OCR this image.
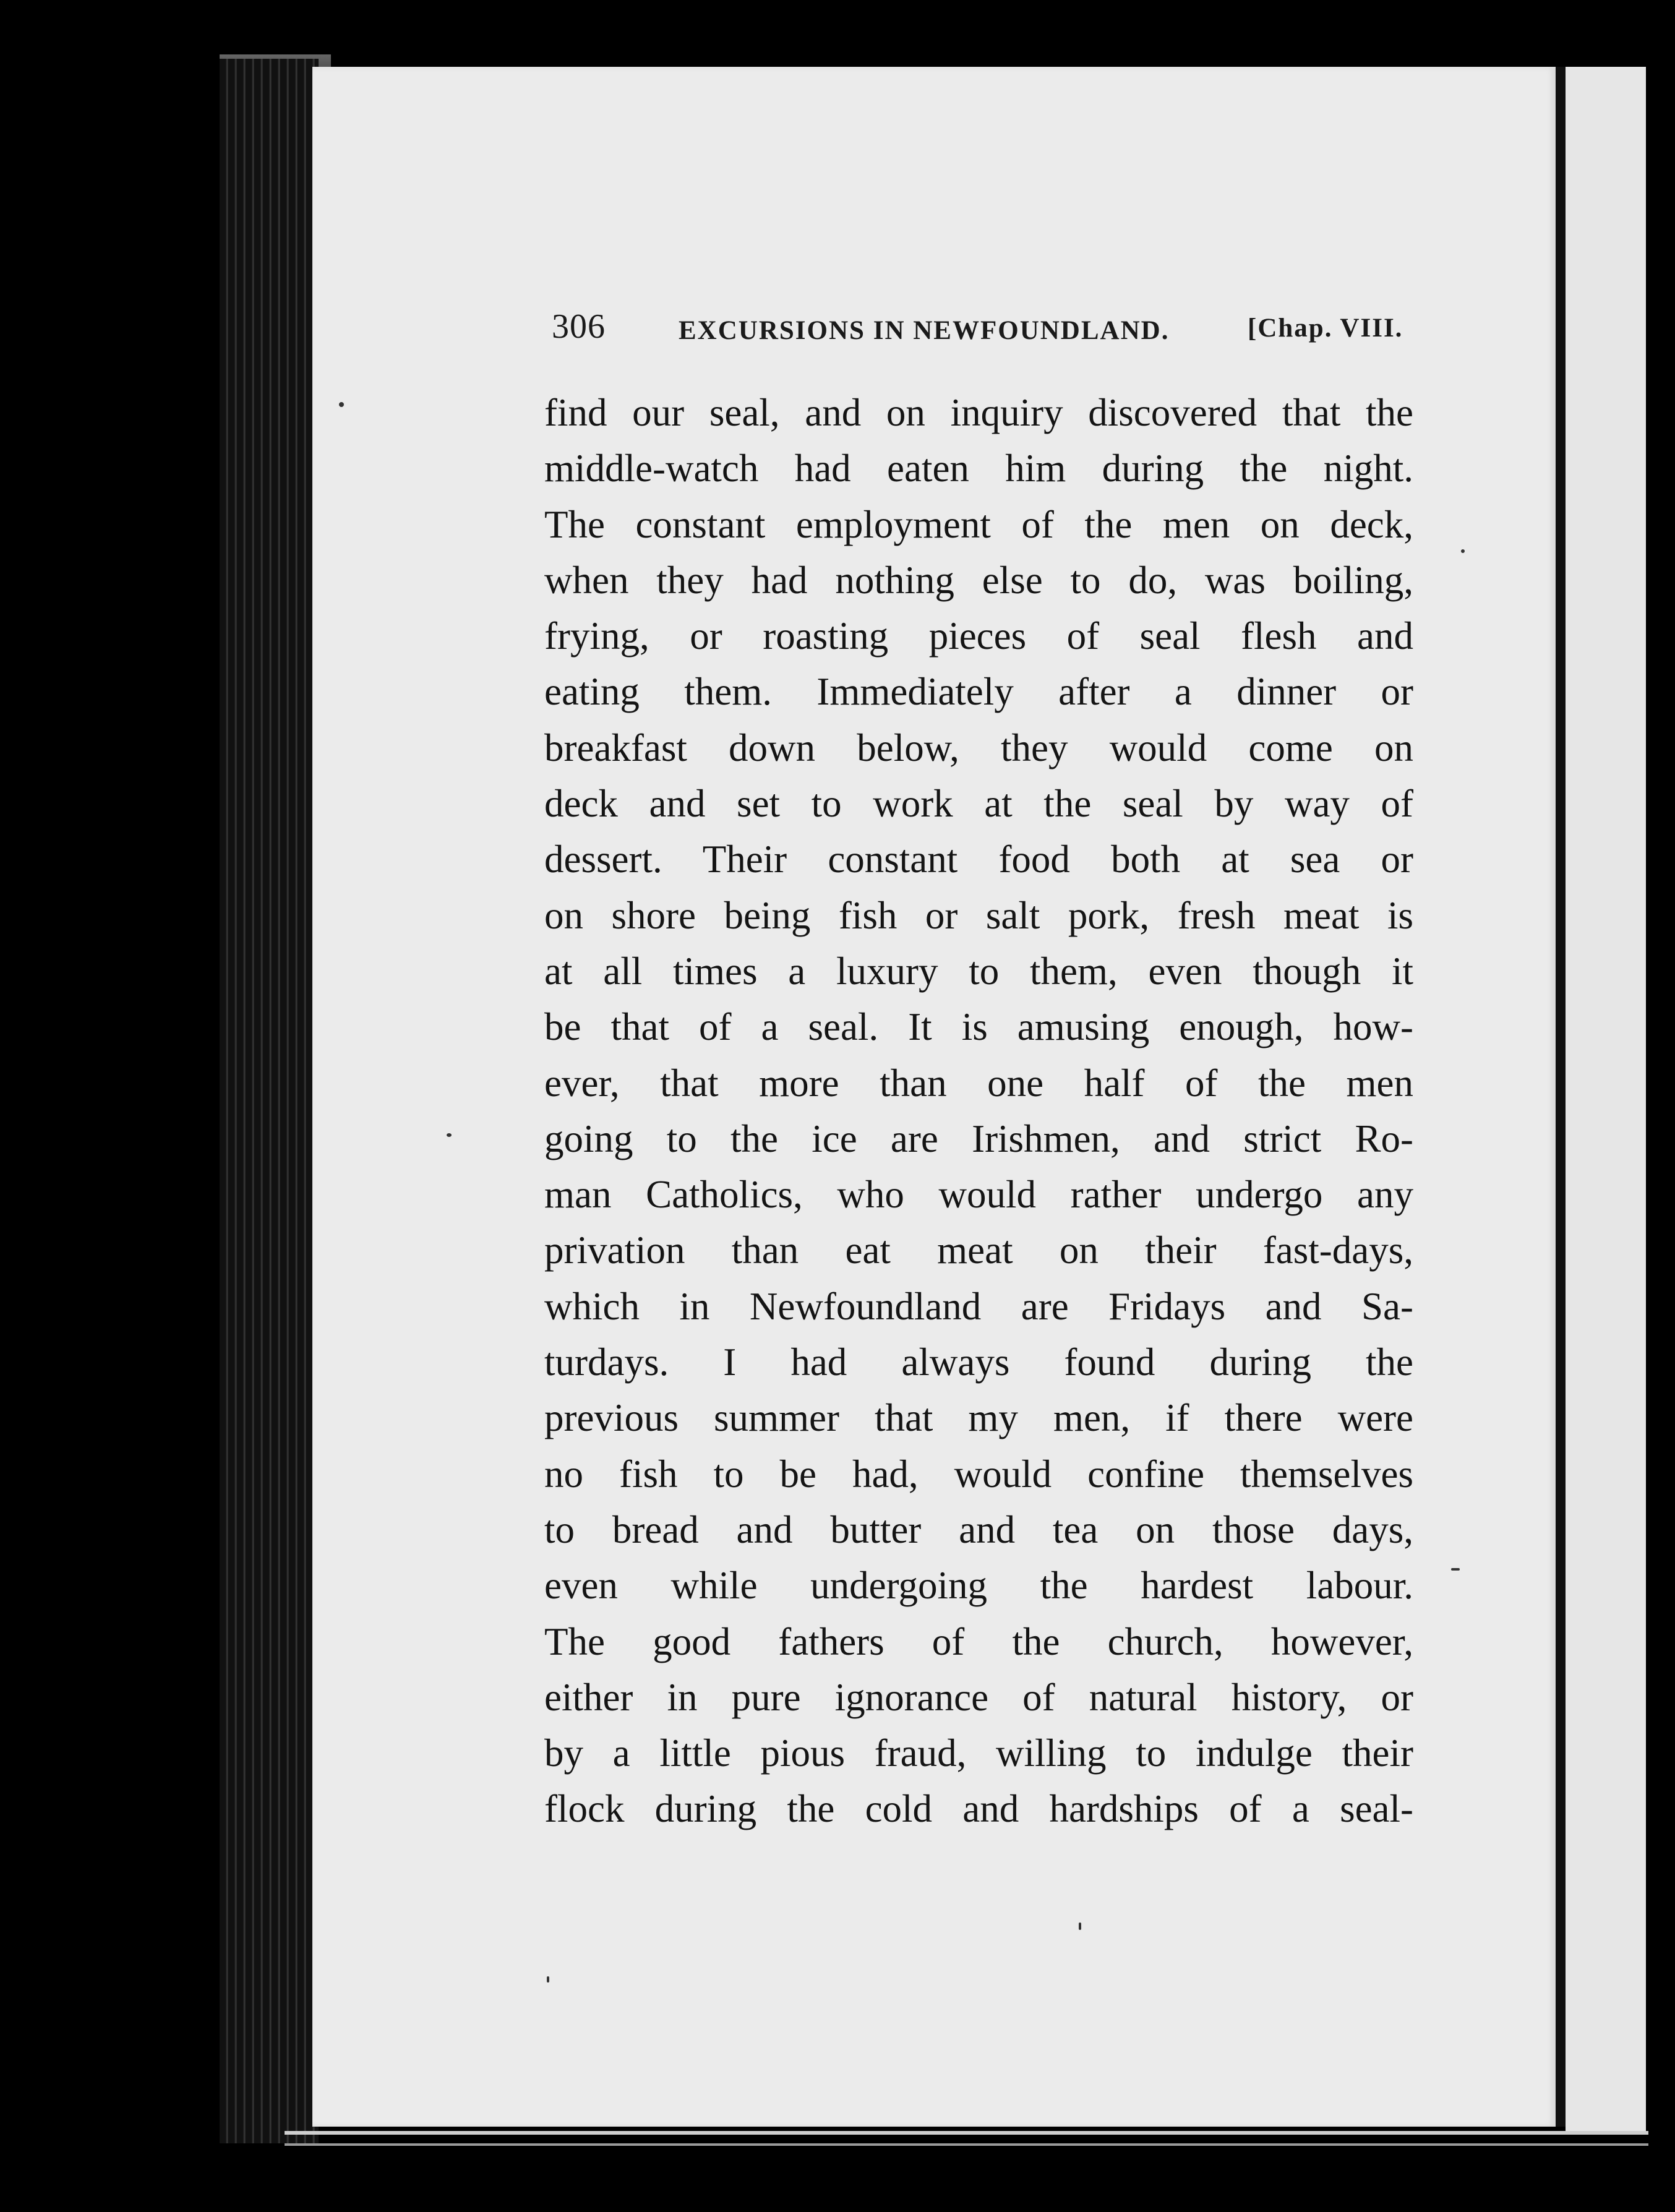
306	EXCURSIONS IN NEWFOUNDLAND.	[Chap. VIII.
find our seal, and on inquiry discovered that the
middle-watch had eaten him during the night.
The constant employment of the men on deck,
when they had nothing else to do, was boiling,
frying, or roasting pieces of seal flesh and
eating them. Immediately after a dinner or
breakfast down below, they would come on
deck and set to work at the seal by way of
dessert. Their constant food both at sea or
on shore being fish or salt pork, fresh meat is
at all times a luxury to them, even though it
be that of a seal. It is amusing enough, how-
ever, that more than one half of the men
going to the ice are Irishmen, and strict Ro-
man Catholics, who would rather undergo any
privation than eat meat on their fast-days,
which in Newfoundland are Fridays and Sa-
turdays. I had always found during the
previous summer that my men, if there were
no fish to be had, would confine themselves
to bread and butter and tea on those days,
even while undergoing the hardest labour.
The good fathers of the church, however,
either in pure ignorance of natural history, or
by a little pious fraud, willing to indulge their
flock during the cold and hardships of a seal-
